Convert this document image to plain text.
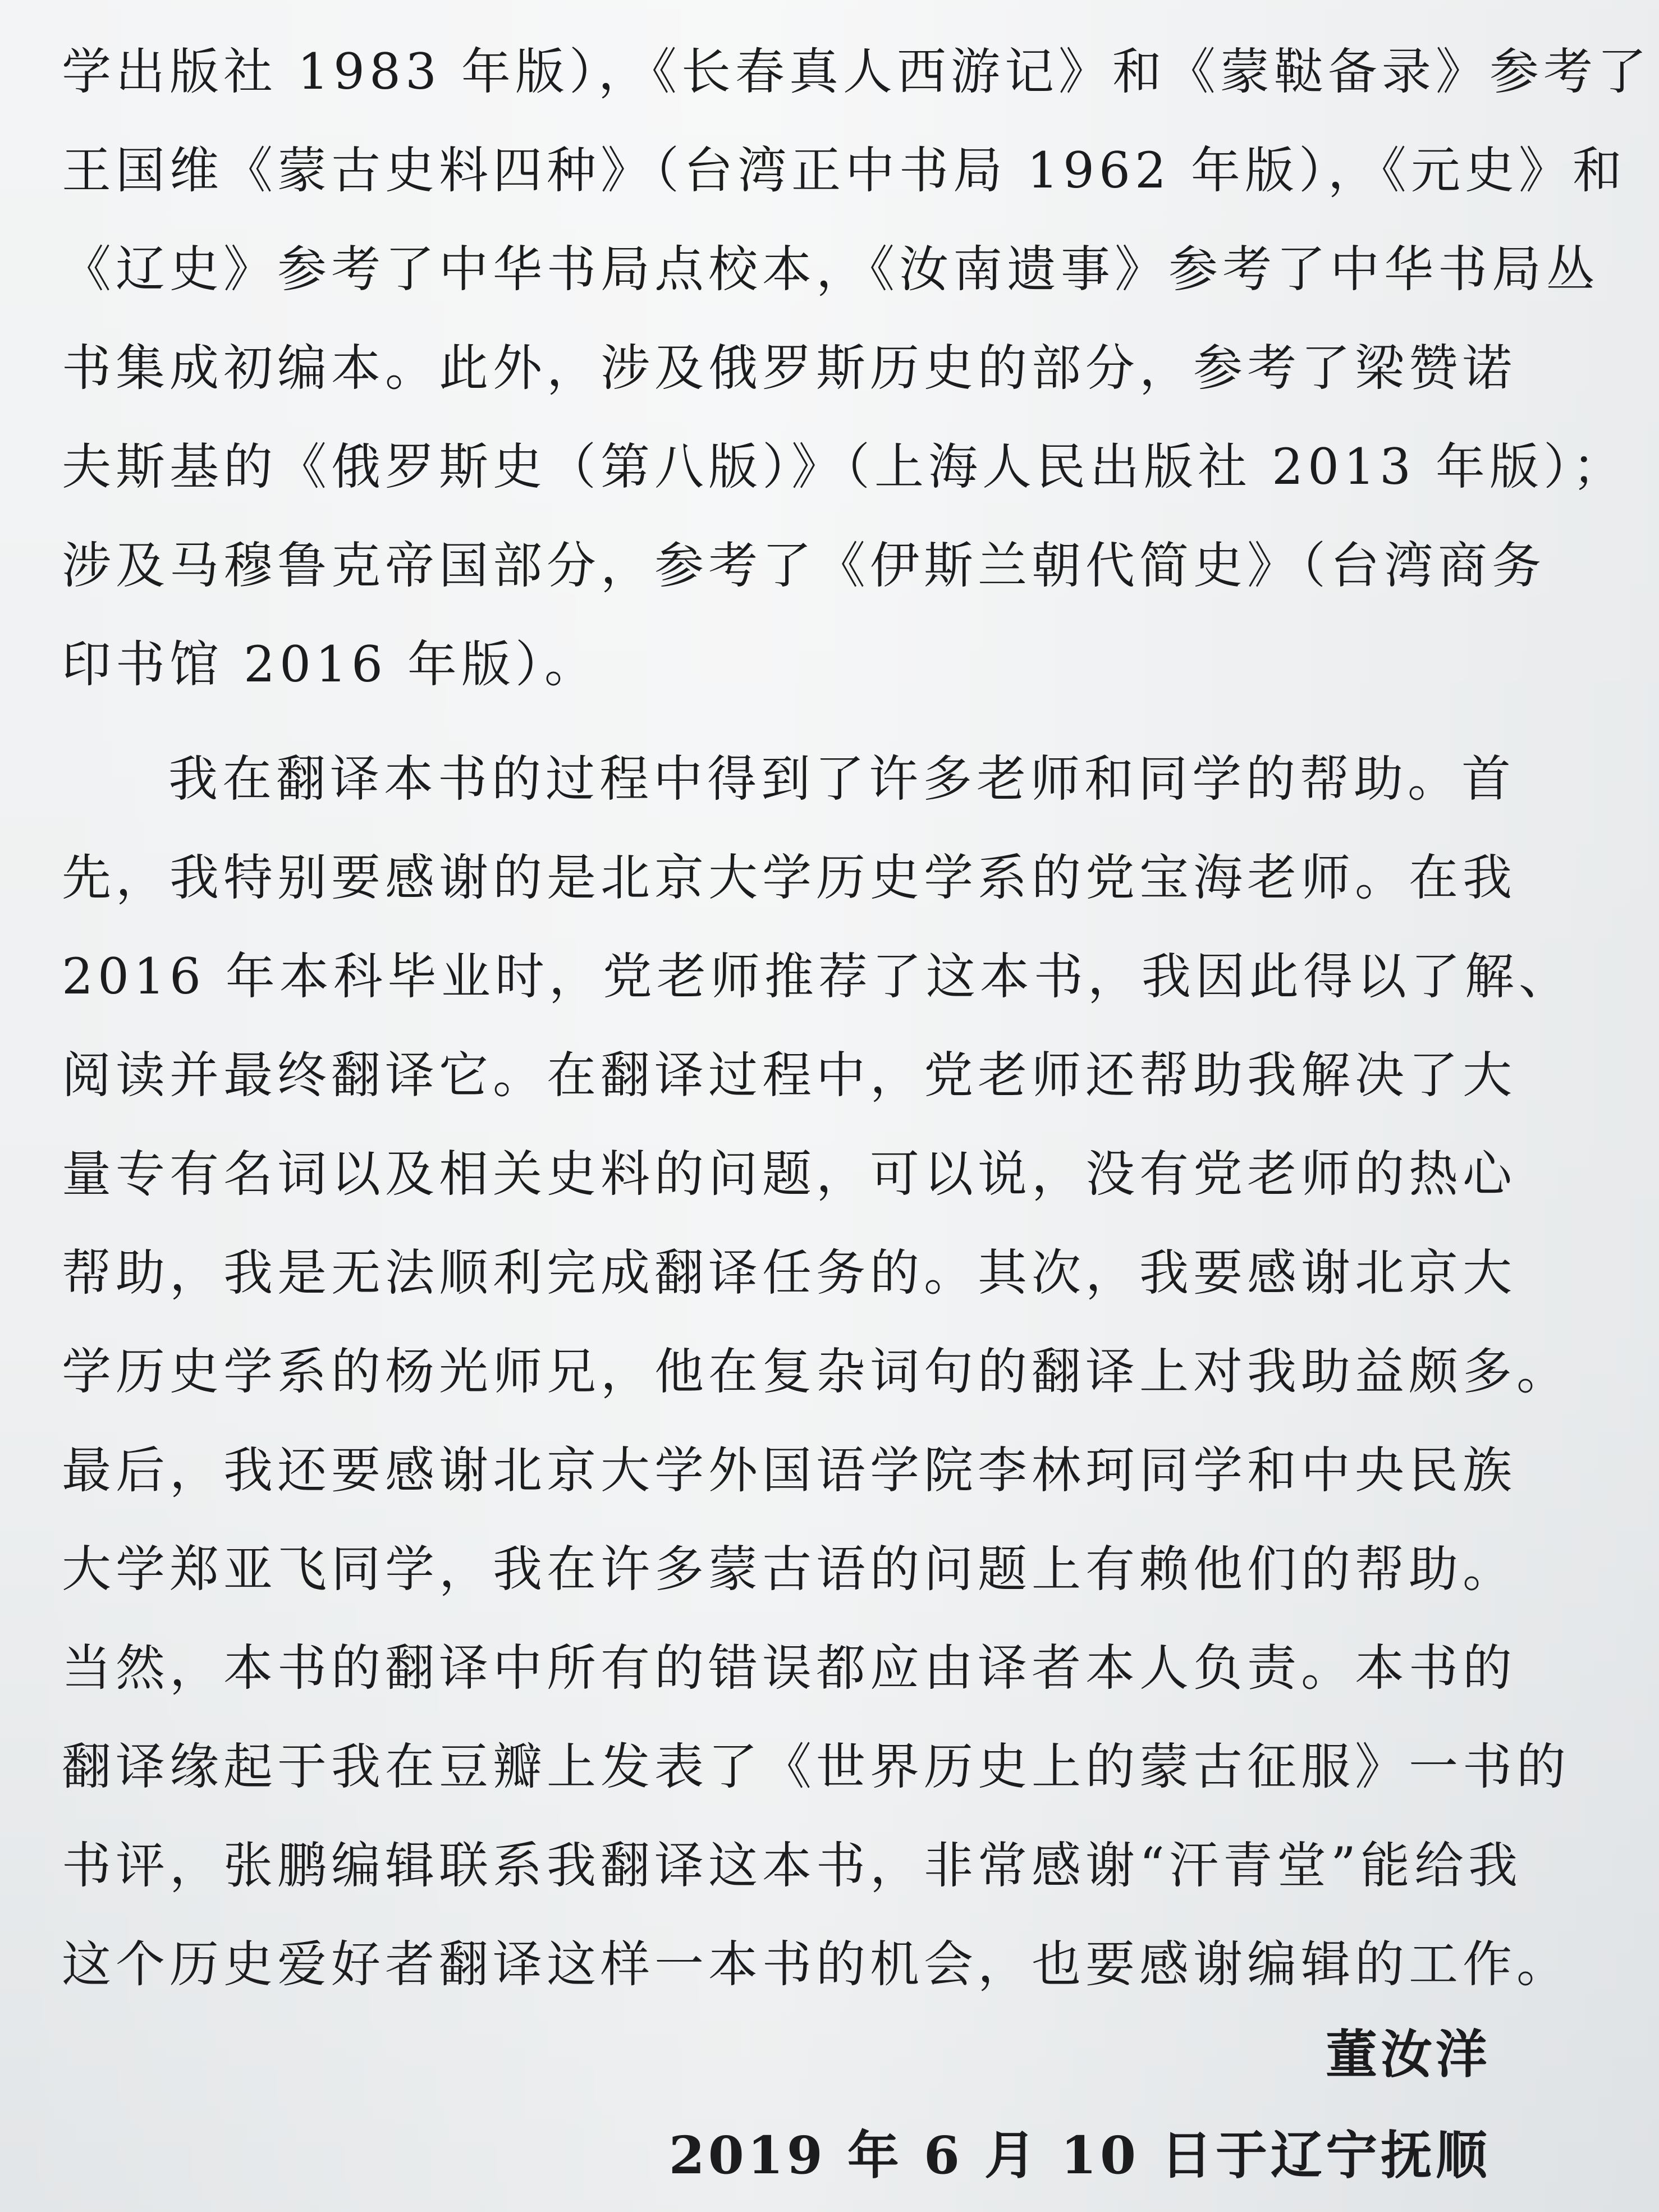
学出版社 1983 年版），《长春真人西游记》和《蒙鞑备录》参考了
王国维《蒙古史料四种》（台湾正中书局 1962 年版），《元史》和
《辽史》参考了中华书局点校本，《汝南遗事》参考了中华书局丛
书集成初编本。此外，涉及俄罗斯历史的部分，参考了梁赞诺
夫斯基的《俄罗斯史（第八版）》（上海人民出版社 2013 年版）；
涉及马穆鲁克帝国部分，参考了《伊斯兰朝代简史》（台湾商务
印书馆 2016 年版）。
我在翻译本书的过程中得到了许多老师和同学的帮助。首
先，我特别要感谢的是北京大学历史学系的党宝海老师。在我
2016 年本科毕业时，党老师推荐了这本书，我因此得以了解、
阅读并最终翻译它。在翻译过程中，党老师还帮助我解决了大
量专有名词以及相关史料的问题，可以说，没有党老师的热心
帮助，我是无法顺利完成翻译任务的。其次，我要感谢北京大
学历史学系的杨光师兄，他在复杂词句的翻译上对我助益颇多。
最后，我还要感谢北京大学外国语学院李林珂同学和中央民族
大学郑亚飞同学，我在许多蒙古语的问题上有赖他们的帮助。
当然，本书的翻译中所有的错误都应由译者本人负责。本书的
翻译缘起于我在豆瓣上发表了《世界历史上的蒙古征服》一书的
书评，张鹏编辑联系我翻译这本书，非常感谢“汗青堂”能给我
这个历史爱好者翻译这样一本书的机会，也要感谢编辑的工作。
董汝洋
2019 年 6 月 10 日于辽宁抚顺
